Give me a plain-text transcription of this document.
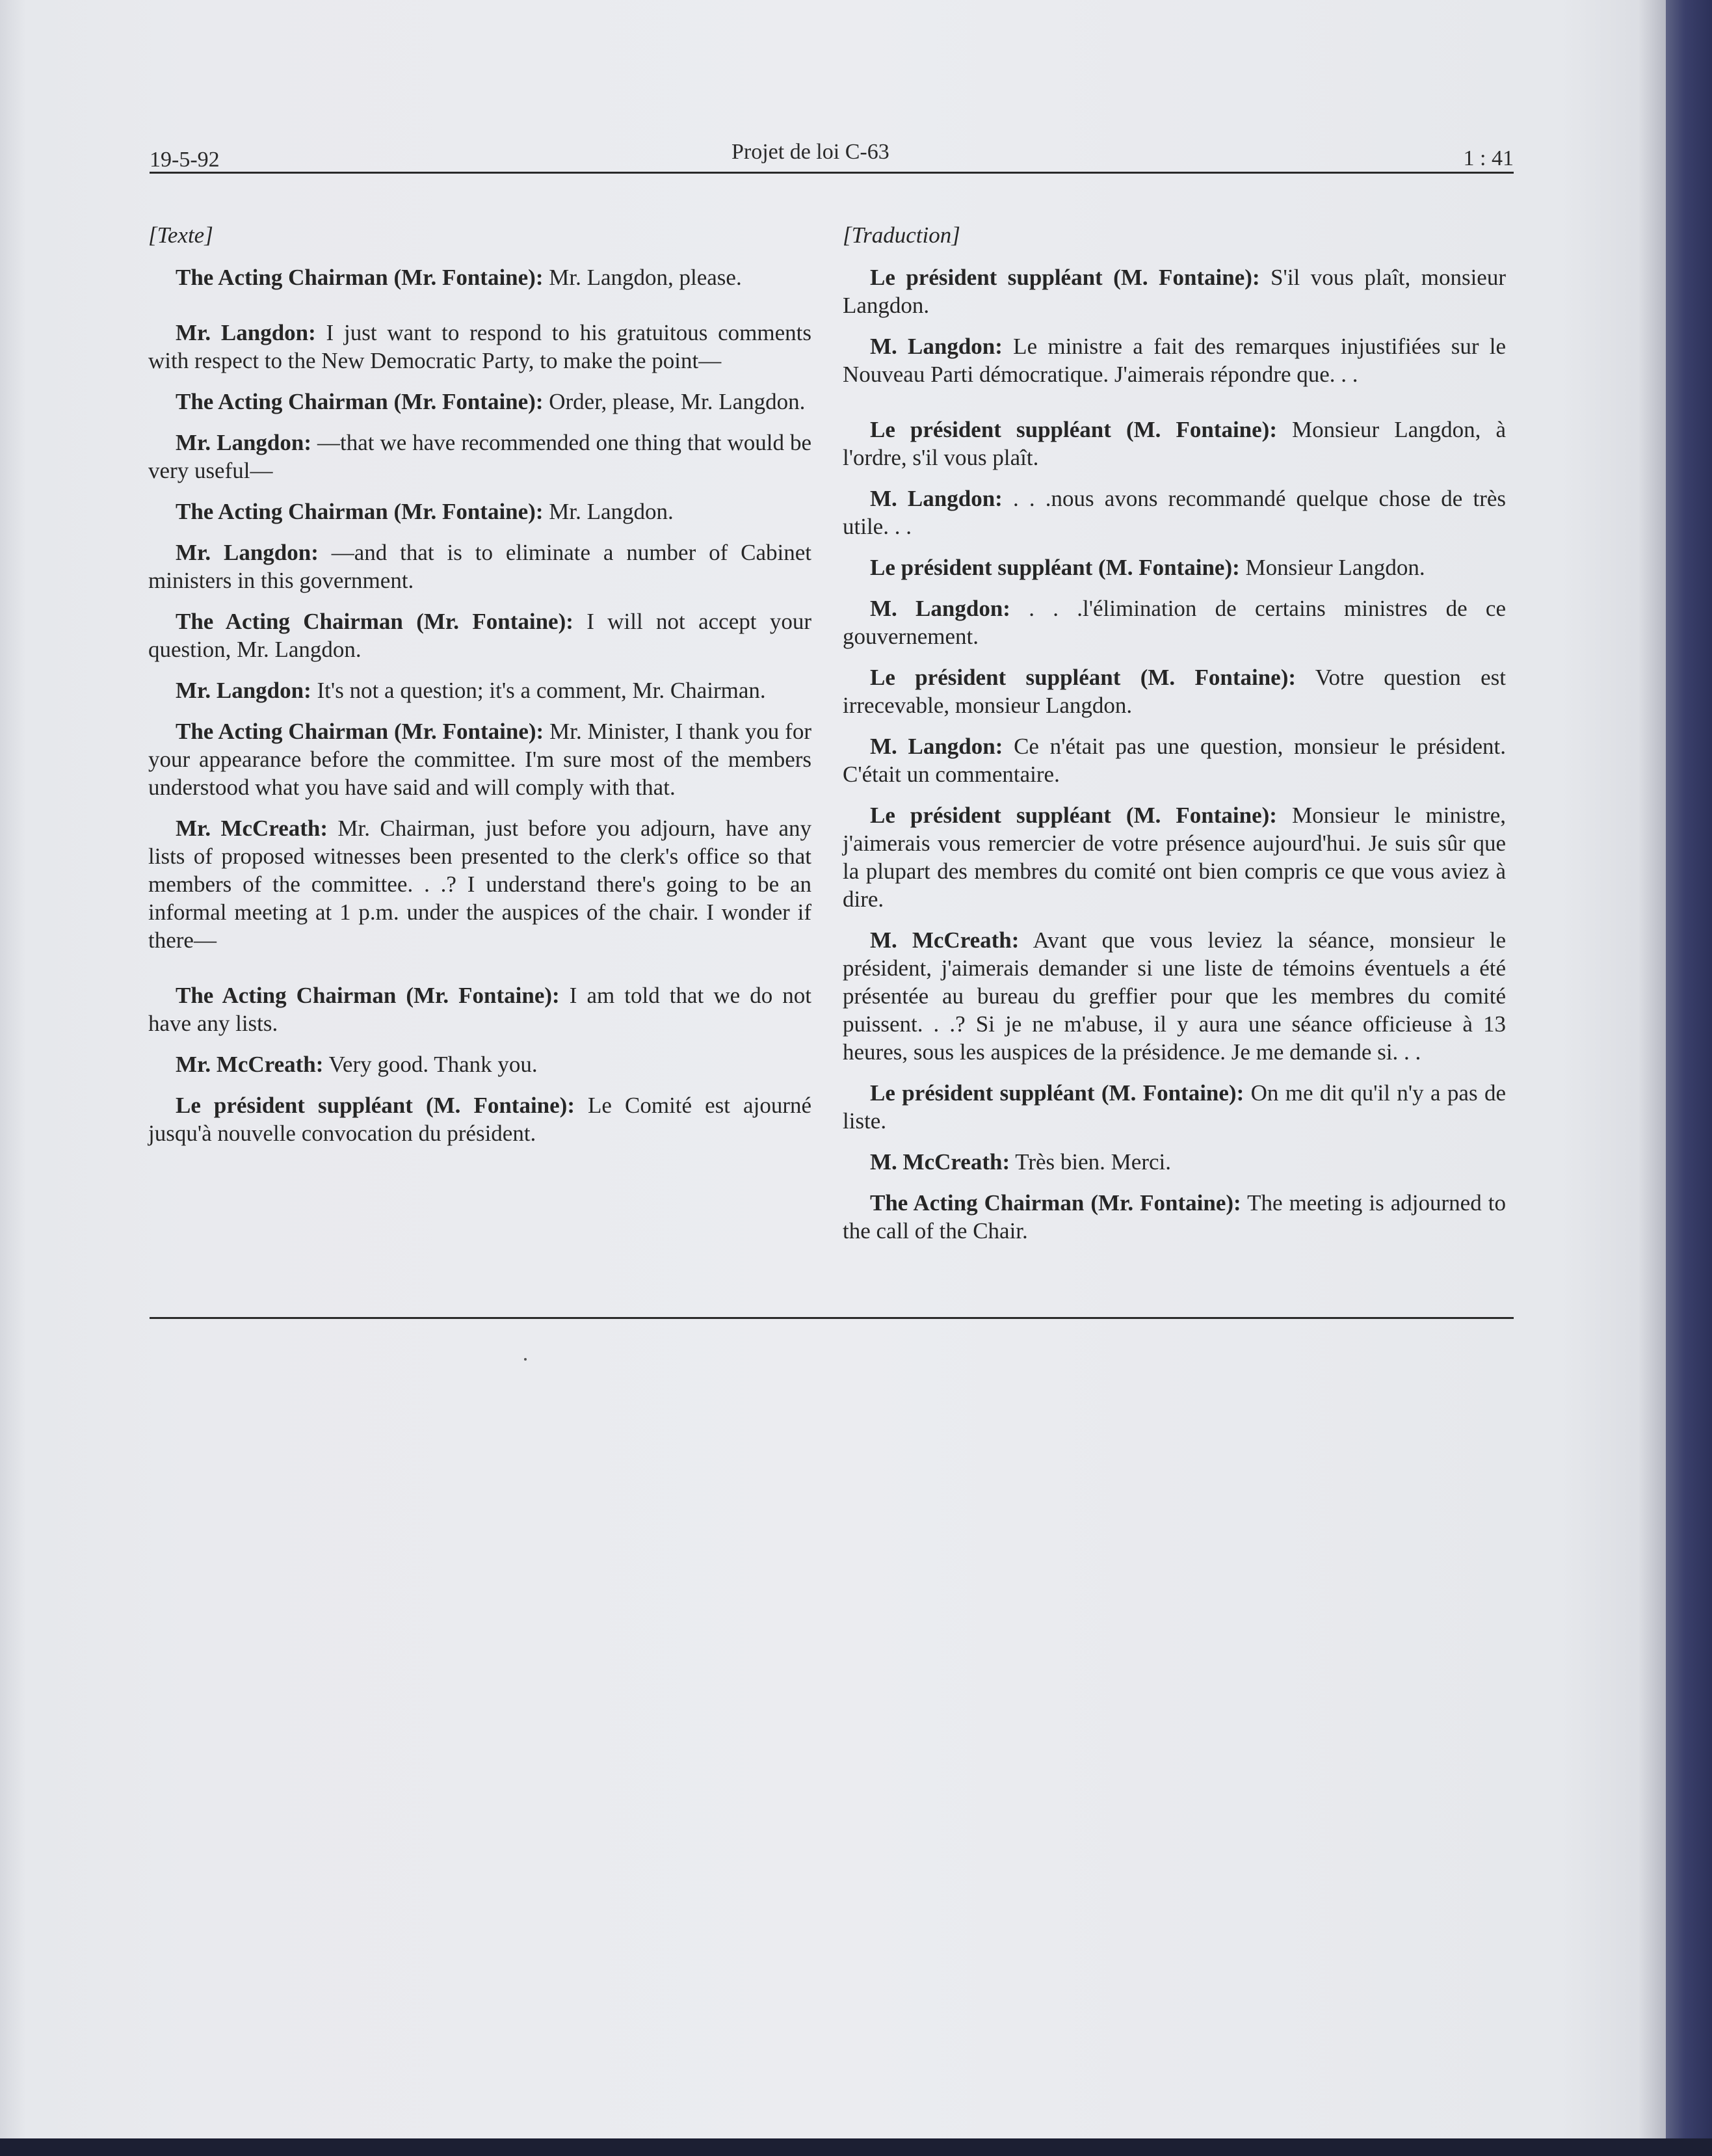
19-5-92	Projet de loi C-63	1 : 41
[Texte]

The Acting Chairman (Mr. Fontaine): Mr. Langdon, please.

Mr. Langdon: I just want to respond to his gratuitous comments with respect to the New Democratic Party, to make the point—

The Acting Chairman (Mr. Fontaine): Order, please, Mr. Langdon.

Mr. Langdon: —that we have recommended one thing that would be very useful—

The Acting Chairman (Mr. Fontaine): Mr. Langdon.

Mr. Langdon: —and that is to eliminate a number of Cabinet ministers in this government.

The Acting Chairman (Mr. Fontaine): I will not accept your question, Mr. Langdon.

Mr. Langdon: It's not a question; it's a comment, Mr. Chairman.

The Acting Chairman (Mr. Fontaine): Mr. Minister, I thank you for your appearance before the committee. I'm sure most of the members understood what you have said and will comply with that.

Mr. McCreath: Mr. Chairman, just before you adjourn, have any lists of proposed witnesses been presented to the clerk's office so that members of the committee. . .? I understand there's going to be an informal meeting at 1 p.m. under the auspices of the chair. I wonder if there—

The Acting Chairman (Mr. Fontaine): I am told that we do not have any lists.

Mr. McCreath: Very good. Thank you.

Le président suppléant (M. Fontaine): Le Comité est ajourné jusqu'à nouvelle convocation du président.

[Traduction]

Le président suppléant (M. Fontaine): S'il vous plaît, monsieur Langdon.

M. Langdon: Le ministre a fait des remarques injustifiées sur le Nouveau Parti démocratique. J'aimerais répondre que. . .

Le président suppléant (M. Fontaine): Monsieur Langdon, à l'ordre, s'il vous plaît.

M. Langdon: . . .nous avons recommandé quelque chose de très utile. . .

Le président suppléant (M. Fontaine): Monsieur Langdon.

M. Langdon: . . .l'élimination de certains ministres de ce gouvernement.

Le président suppléant (M. Fontaine): Votre question est irrecevable, monsieur Langdon.

M. Langdon: Ce n'était pas une question, monsieur le président. C'était un commentaire.

Le président suppléant (M. Fontaine): Monsieur le ministre, j'aimerais vous remercier de votre présence aujourd'hui. Je suis sûr que la plupart des membres du comité ont bien compris ce que vous aviez à dire.

M. McCreath: Avant que vous leviez la séance, monsieur le président, j'aimerais demander si une liste de témoins éventuels a été présentée au bureau du greffier pour que les membres du comité puissent. . .? Si je ne m'abuse, il y aura une séance officieuse à 13 heures, sous les auspices de la présidence. Je me demande si. . .

Le président suppléant (M. Fontaine): On me dit qu'il n'y a pas de liste.

M. McCreath: Très bien. Merci.

The Acting Chairman (Mr. Fontaine): The meeting is adjourned to the call of the Chair.
